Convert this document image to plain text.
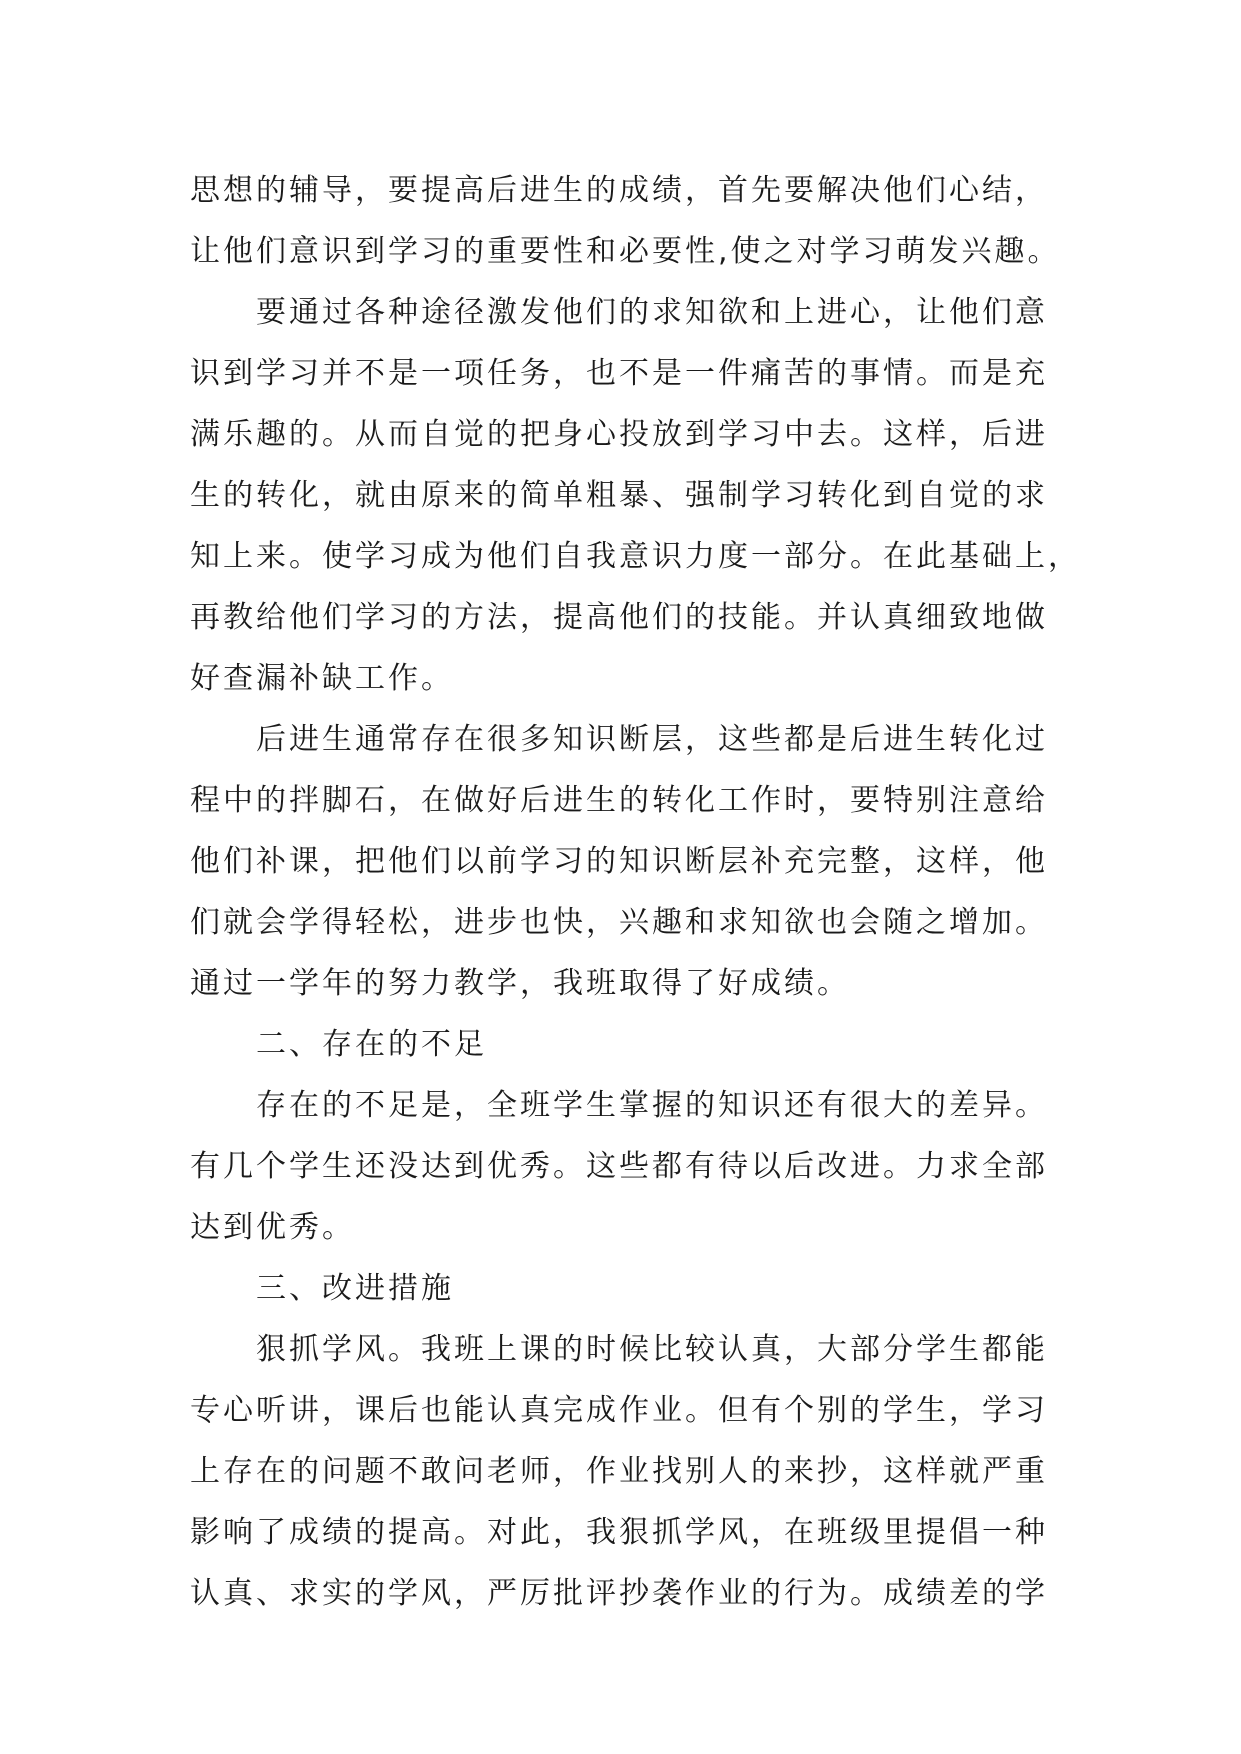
思想的辅导，要提高后进生的成绩，首先要解决他们心结，
让他们意识到学习的重要性和必要性,使之对学习萌发兴趣。
要通过各种途径激发他们的求知欲和上进心，让他们意
识到学习并不是一项任务，也不是一件痛苦的事情。而是充
满乐趣的。从而自觉的把身心投放到学习中去。这样，后进
生的转化，就由原来的简单粗暴、强制学习转化到自觉的求
知上来。使学习成为他们自我意识力度一部分。在此基础上，
再教给他们学习的方法，提高他们的技能。并认真细致地做
好查漏补缺工作。
后进生通常存在很多知识断层，这些都是后进生转化过
程中的拌脚石，在做好后进生的转化工作时，要特别注意给
他们补课，把他们以前学习的知识断层补充完整，这样，他
们就会学得轻松，进步也快，兴趣和求知欲也会随之增加。
通过一学年的努力教学，我班取得了好成绩。
二、存在的不足
存在的不足是，全班学生掌握的知识还有很大的差异。
有几个学生还没达到优秀。这些都有待以后改进。力求全部
达到优秀。
三、改进措施
狠抓学风。我班上课的时候比较认真，大部分学生都能
专心听讲，课后也能认真完成作业。但有个别的学生，学习
上存在的问题不敢问老师，作业找别人的来抄，这样就严重
影响了成绩的提高。对此，我狠抓学风，在班级里提倡一种
认真、求实的学风，严厉批评抄袭作业的行为。成绩差的学
